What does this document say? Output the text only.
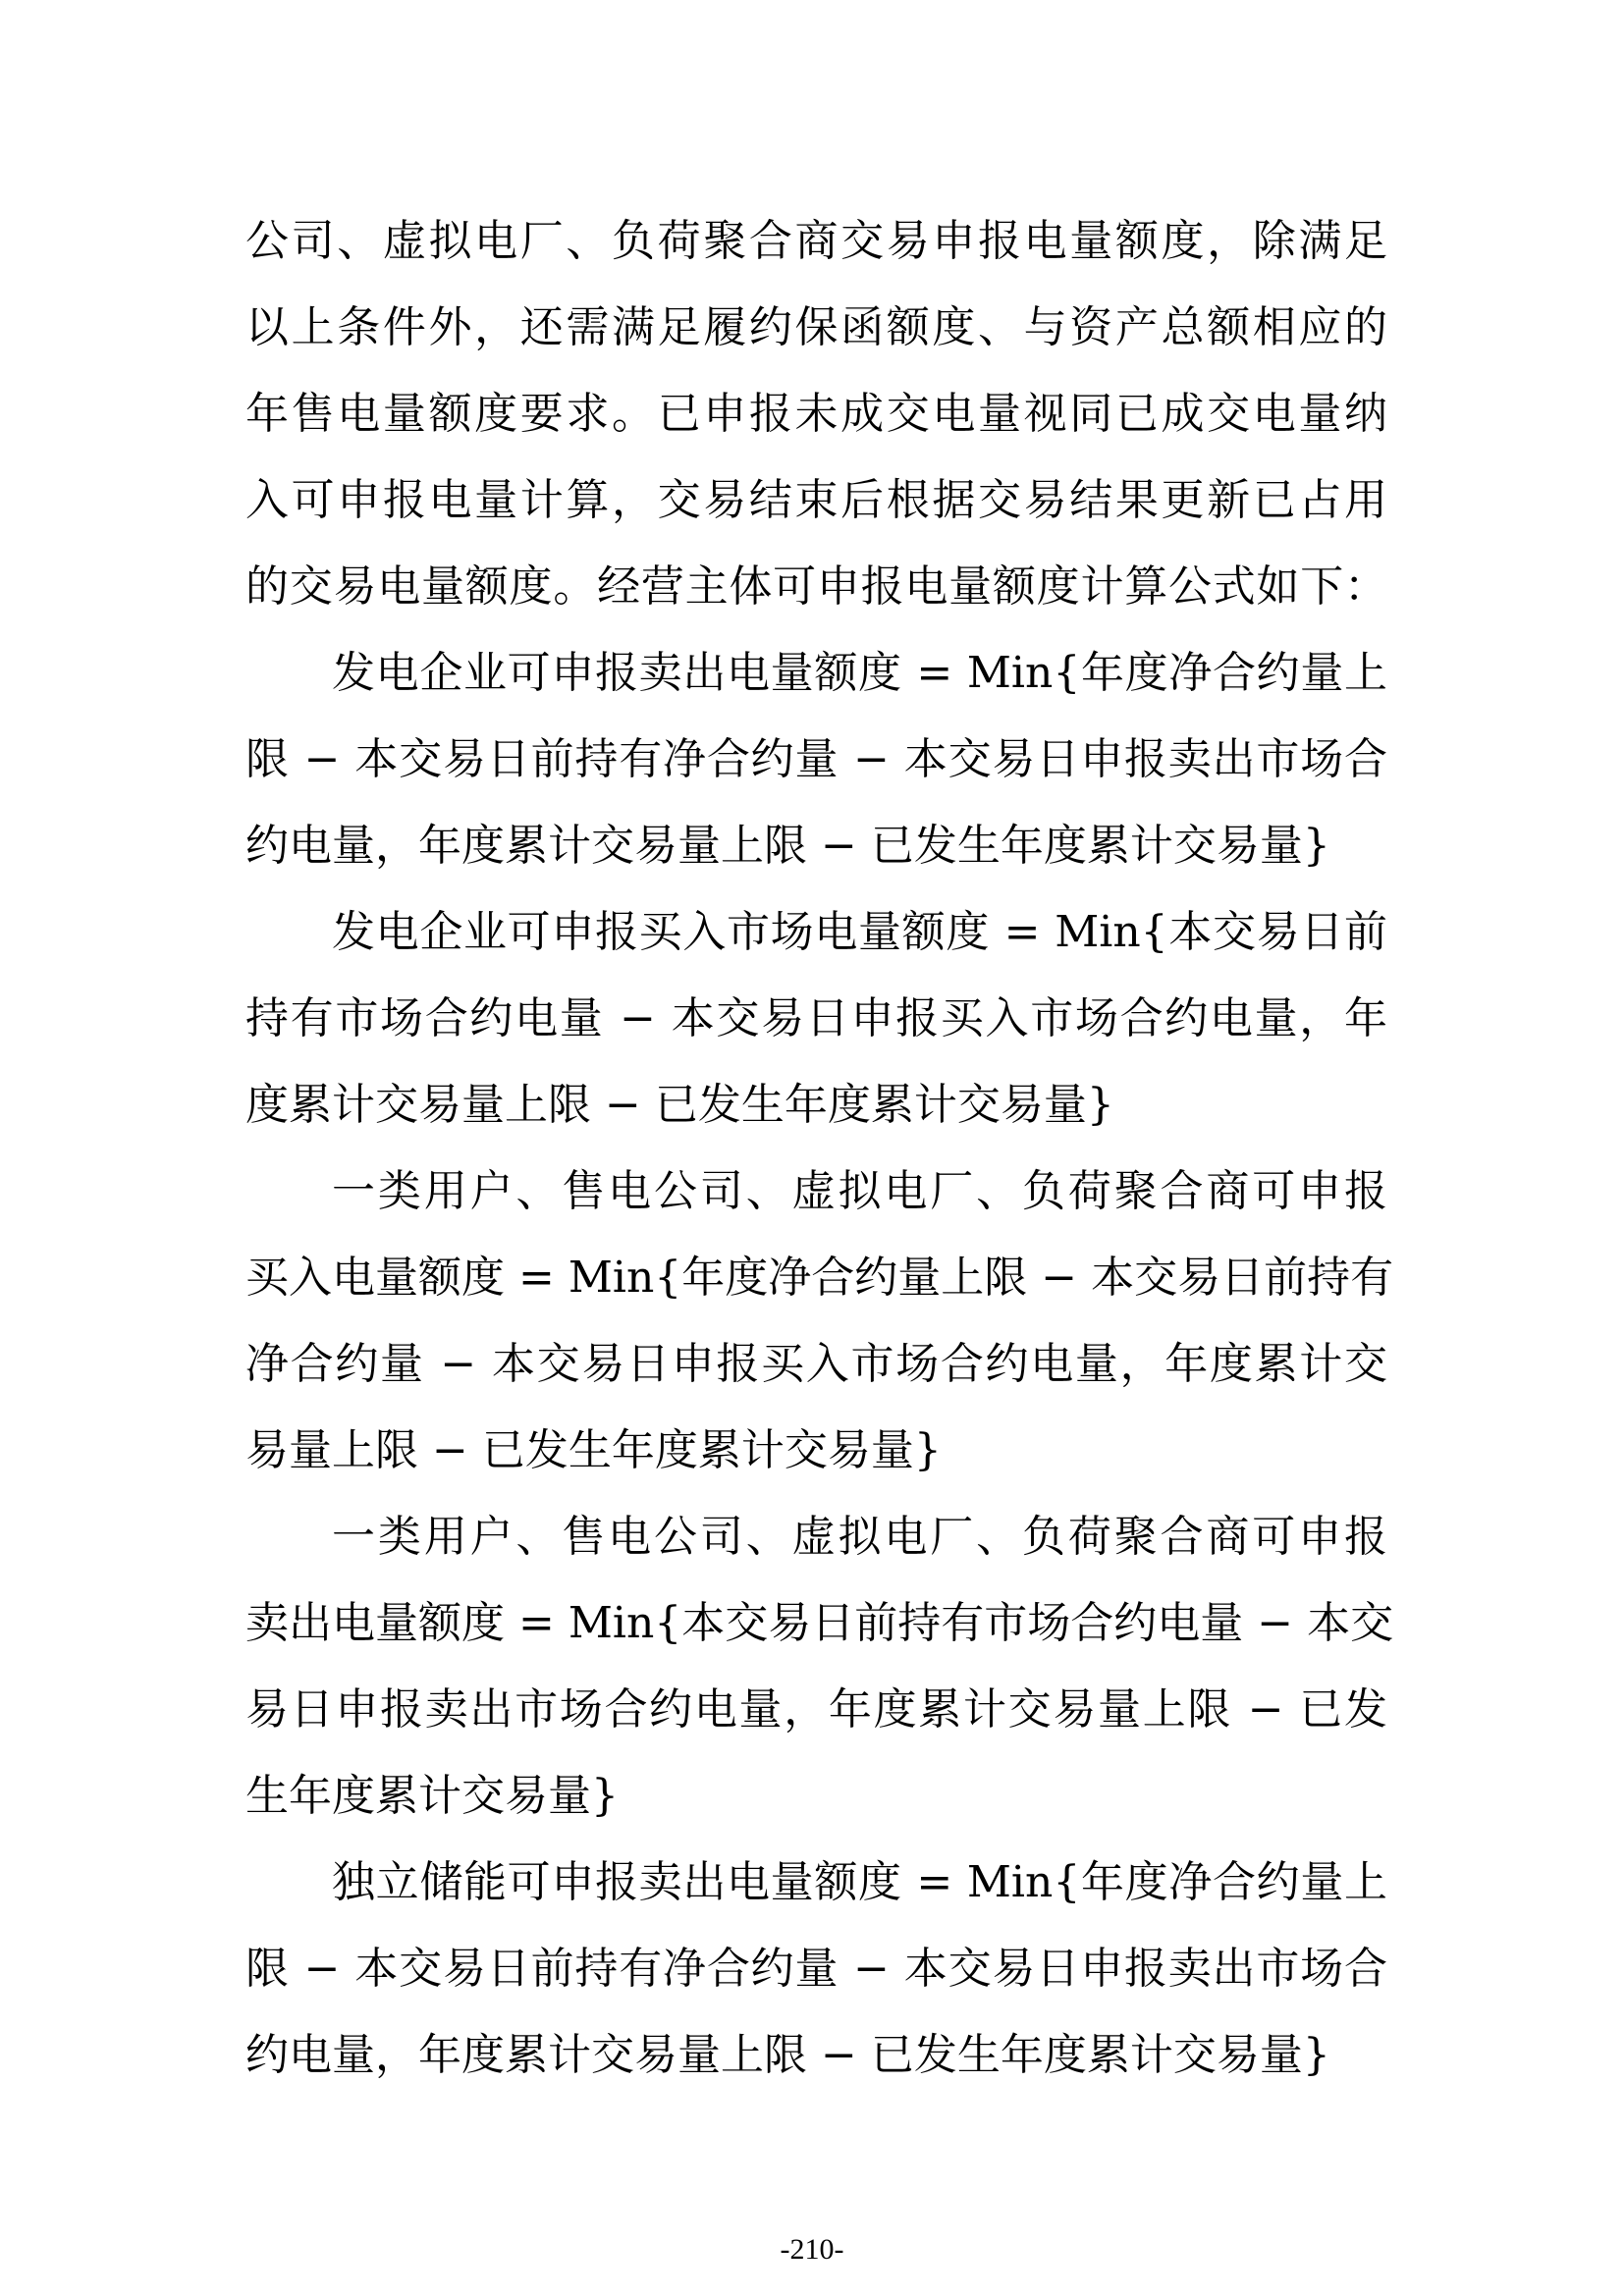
公司、虚拟电厂、负荷聚合商交易申报电量额度，除满足
以上条件外，还需满足履约保函额度、与资产总额相应的
年售电量额度要求。已申报未成交电量视同已成交电量纳
入可申报电量计算，交易结束后根据交易结果更新已占用
的交易电量额度。经营主体可申报电量额度计算公式如下：
发电企业可申报卖出电量额度 = Min{年度净合约量上
限 − 本交易日前持有净合约量 − 本交易日申报卖出市场合
约电量，年度累计交易量上限 − 已发生年度累计交易量}
发电企业可申报买入市场电量额度 = Min{本交易日前
持有市场合约电量 − 本交易日申报买入市场合约电量，年
度累计交易量上限 − 已发生年度累计交易量}
一类用户、售电公司、虚拟电厂、负荷聚合商可申报
买入电量额度 = Min{年度净合约量上限 − 本交易日前持有
净合约量 − 本交易日申报买入市场合约电量，年度累计交
易量上限 − 已发生年度累计交易量}
一类用户、售电公司、虚拟电厂、负荷聚合商可申报
卖出电量额度 = Min{本交易日前持有市场合约电量 − 本交
易日申报卖出市场合约电量，年度累计交易量上限 − 已发
生年度累计交易量}
独立储能可申报卖出电量额度 = Min{年度净合约量上
限 − 本交易日前持有净合约量 − 本交易日申报卖出市场合
约电量，年度累计交易量上限 − 已发生年度累计交易量}
-210-
